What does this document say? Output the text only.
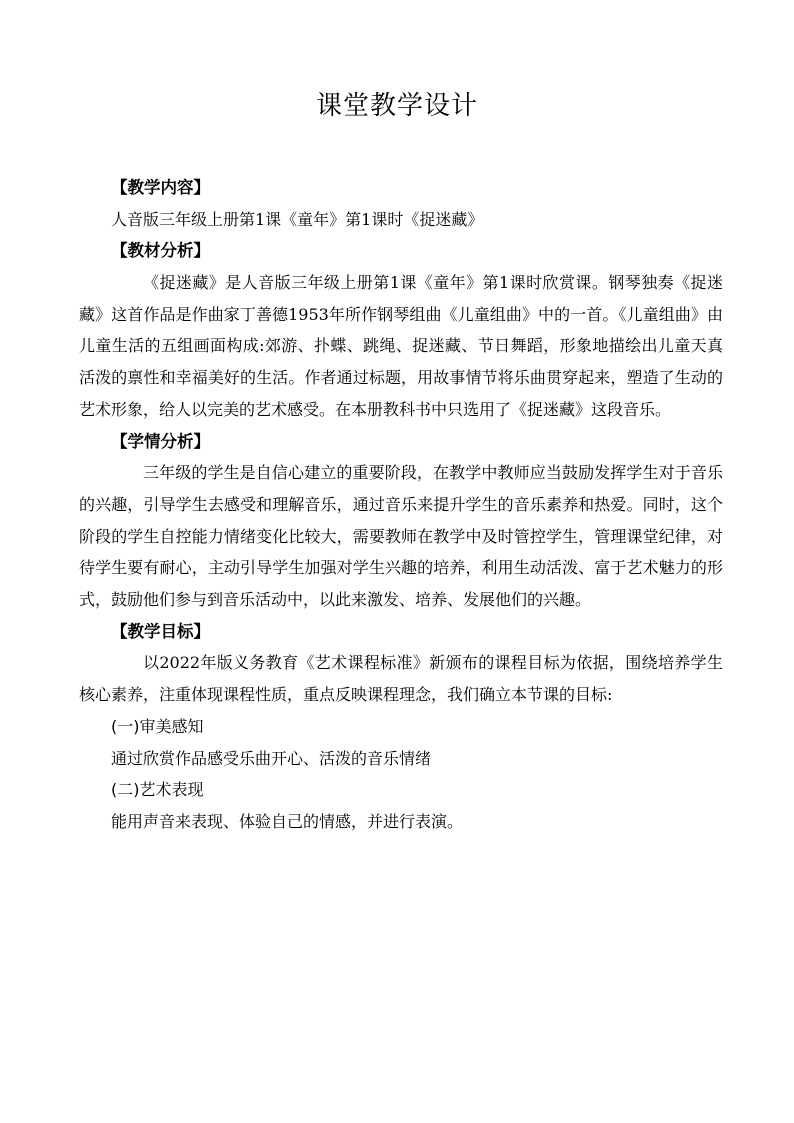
课堂教学设计
【教学内容】
人音版三年级上册第1课《童年》第1课时《捉迷藏》
【教材分析】

《捉迷藏》是人音版三年级上册第1课《童年》第1课时欣赏课。钢琴独奏《捉迷藏》这首作品是作曲家丁善德1953年所作钢琴组曲《儿童组曲》中的一首。《儿童组曲》由儿童生活的五组画面构成:郊游、扑蝶、跳绳、捉迷藏、节日舞蹈，形象地描绘出儿童天真活泼的禀性和幸福美好的生活。作者通过标题，用故事情节将乐曲贯穿起来，塑造了生动的艺术形象，给人以完美的艺术感受。在本册教科书中只选用了《捉迷藏》这段音乐。

【学情分析】

三年级的学生是自信心建立的重要阶段，在教学中教师应当鼓励发挥学生对于音乐的兴趣，引导学生去感受和理解音乐，通过音乐来提升学生的音乐素养和热爱。同时，这个阶段的学生自控能力情绪变化比较大，需要教师在教学中及时管控学生，管理课堂纪律，对待学生要有耐心，主动引导学生加强对学生兴趣的培养，利用生动活泼、富于艺术魅力的形式，鼓励他们参与到音乐活动中，以此来激发、培养、发展他们的兴趣。

【教学目标】

以2022年版义务教育《艺术课程标准》新颁布的课程目标为依据，围绕培养学生核心素养，注重体现课程性质，重点反映课程理念，我们确立本节课的目标:

(一)审美感知
通过欣赏作品感受乐曲开心、活泼的音乐情绪
(二)艺术表现
能用声音来表现、体验自己的情感，并进行表演。
